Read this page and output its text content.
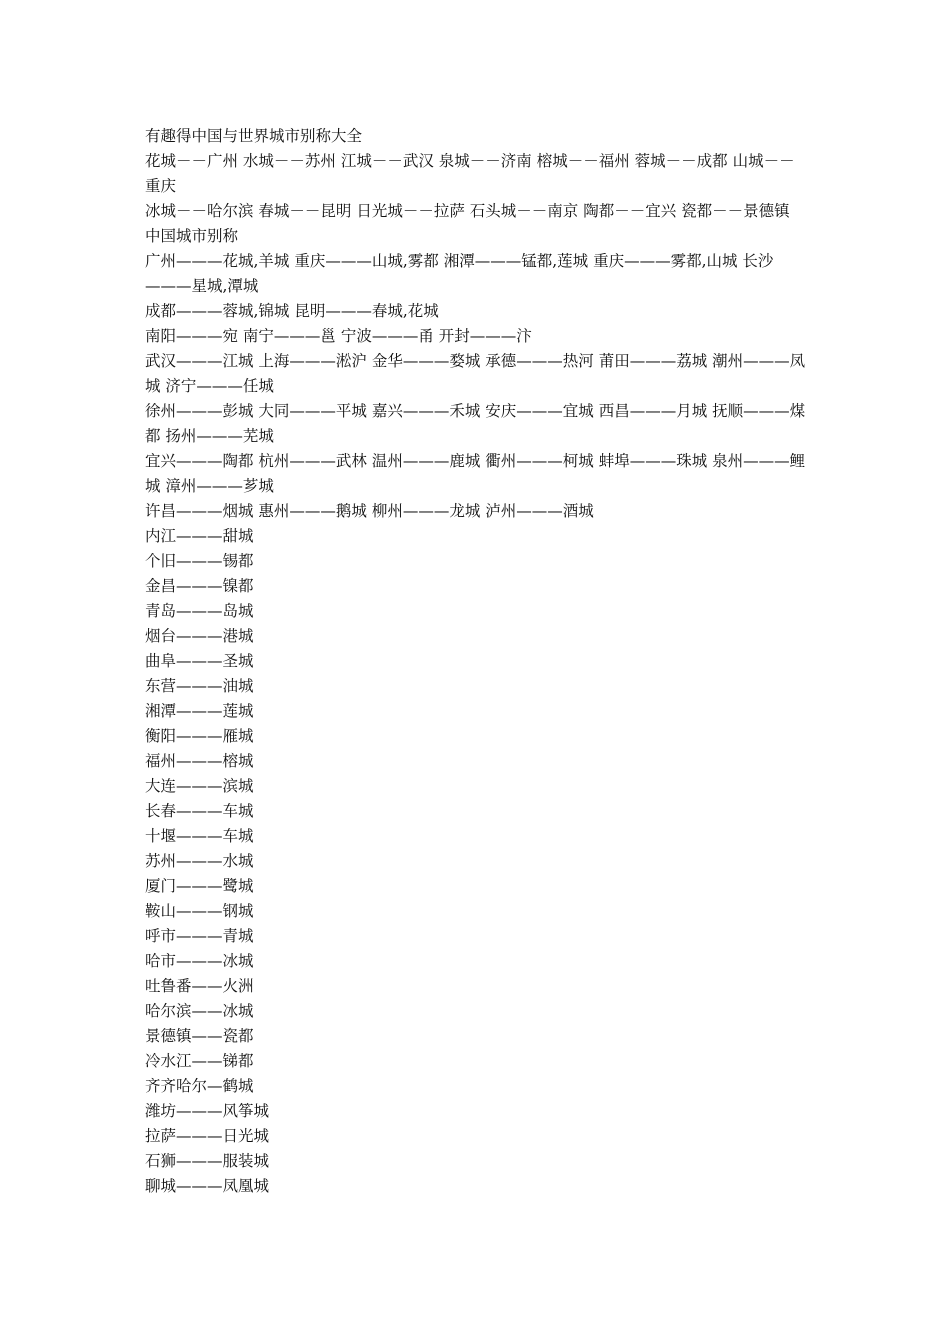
有趣得中国与世界城市别称大全

花城－－广州 水城－－苏州 江城－－武汉 泉城－－济南 榕城－－福州 蓉城－－成都 山城－－重庆

冰城－－哈尔滨 春城－－昆明 日光城－－拉萨 石头城－－南京 陶都－－宜兴 瓷都－－景德镇

中国城市别称

广州———花城,羊城 重庆———山城,雾都 湘潭———锰都,莲城 重庆———雾都,山城 长沙———星城,潭城

成都———蓉城,锦城 昆明———春城,花城

南阳———宛 南宁———邕 宁波———甬 开封———汴

武汉———江城 上海———淞沪 金华———婺城 承德———热河 莆田———荔城 潮州———凤城 济宁———任城

徐州———彭城 大同———平城 嘉兴———禾城 安庆———宜城 西昌———月城 抚顺———煤都 扬州———芜城

宜兴———陶都 杭州———武林 温州———鹿城 衢州———柯城 蚌埠———珠城 泉州———鲤城 漳州———芗城

许昌———烟城 惠州———鹅城 柳州———龙城 泸州———酒城

内江———甜城

个旧———锡都

金昌———镍都

青岛———岛城

烟台———港城

曲阜———圣城

东营———油城

湘潭———莲城

衡阳———雁城

福州———榕城

大连———滨城

长春———车城

十堰———车城

苏州———水城

厦门———鹭城

鞍山———钢城

呼市———青城

哈市———冰城

吐鲁番——火洲

哈尔滨——冰城

景德镇——瓷都

冷水江——锑都

齐齐哈尔—鹤城

潍坊———风筝城

拉萨———日光城

石狮———服装城

聊城———凤凰城
